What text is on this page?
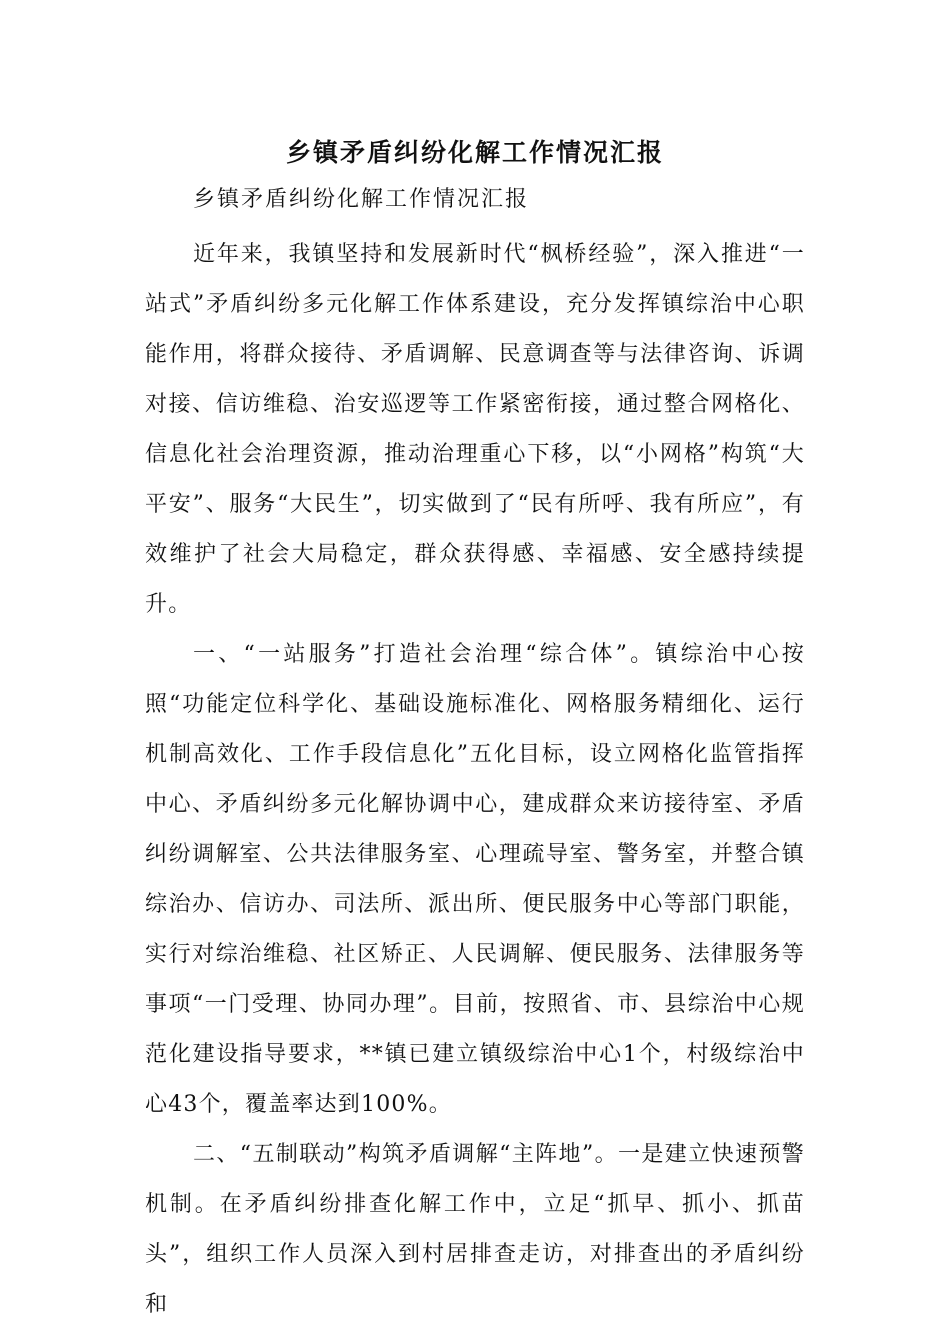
乡镇矛盾纠纷化解工作情况汇报
乡镇矛盾纠纷化解工作情况汇报

近年来，我镇坚持和发展新时代“枫桥经验”，深入推进“一站式”矛盾纠纷多元化解工作体系建设，充分发挥镇综治中心职能作用，将群众接待、矛盾调解、民意调查等与法律咨询、诉调对接、信访维稳、治安巡逻等工作紧密衔接，通过整合网格化、信息化社会治理资源，推动治理重心下移，以“小网格”构筑“大平安”、服务“大民生”，切实做到了“民有所呼、我有所应”，有效维护了社会大局稳定，群众获得感、幸福感、安全感持续提升。

一、“一站服务”打造社会治理“综合体”。镇综治中心按照“功能定位科学化、基础设施标准化、网格服务精细化、运行机制高效化、工作手段信息化”五化目标，设立网格化监管指挥中心、矛盾纠纷多元化解协调中心，建成群众来访接待室、矛盾纠纷调解室、公共法律服务室、心理疏导室、警务室，并整合镇综治办、信访办、司法所、派出所、便民服务中心等部门职能，实行对综治维稳、社区矫正、人民调解、便民服务、法律服务等事项“一门受理、协同办理”。目前，按照省、市、县综治中心规范化建设指导要求，**镇已建立镇级综治中心1个，村级综治中心43个，覆盖率达到100%。

二、“五制联动”构筑矛盾调解“主阵地”。一是建立快速预警机制。在矛盾纠纷排查化解工作中，立足“抓早、抓小、抓苗头”，组织工作人员深入到村居排查走访，对排查出的矛盾纠纷和
